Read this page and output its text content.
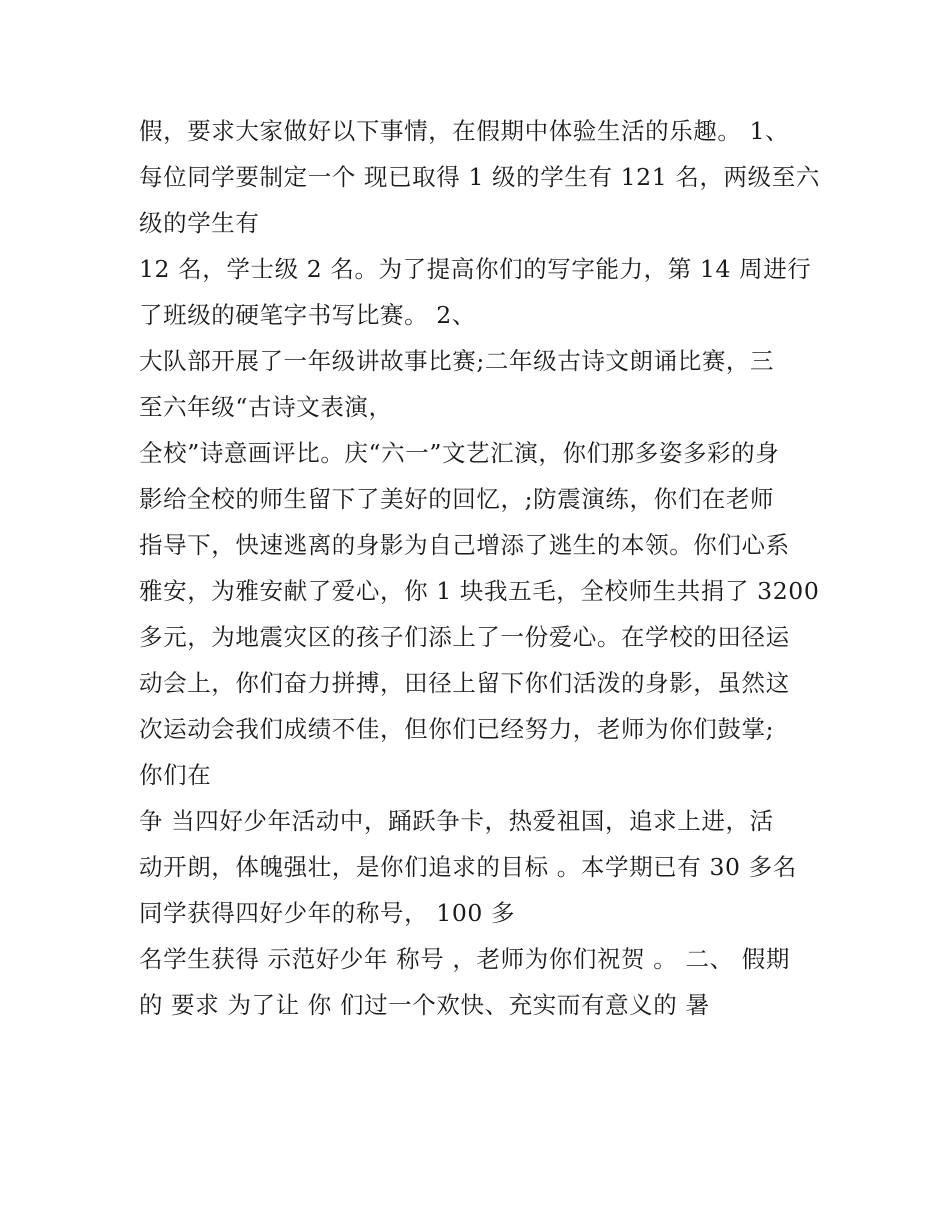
假，要求大家做好以下事情，在假期中体验生活的乐趣。 1、
每位同学要制定一个 现已取得 1 级的学生有 121 名，两级至六
级的学生有
12 名，学士级 2 名。为了提高你们的写字能力，第 14 周进行
了班级的硬笔字书写比赛。 2、
大队部开展了一年级讲故事比赛;二年级古诗文朗诵比赛，三
至六年级“古诗文表演，
全校”诗意画评比。庆“六一”文艺汇演，你们那多姿多彩的身
影给全校的师生留下了美好的回忆，;防震演练，你们在老师
指导下，快速逃离的身影为自己增添了逃生的本领。你们心系
雅安，为雅安献了爱心，你 1 块我五毛，全校师生共捐了 3200
多元，为地震灾区的孩子们添上了一份爱心。在学校的田径运
动会上，你们奋力拼搏，田径上留下你们活泼的身影，虽然这
次运动会我们成绩不佳，但你们已经努力，老师为你们鼓掌;
你们在
争 当四好少年活动中，踊跃争卡，热爱祖国，追求上进，活
动开朗，体魄强壮，是你们追求的目标 。本学期已有 30 多名
同学获得四好少年的称号， 100 多
名学生获得 示范好少年 称号 ，老师为你们祝贺 。 二、 假期
的 要求 为了让 你 们过一个欢快、充实而有意义的 暑
